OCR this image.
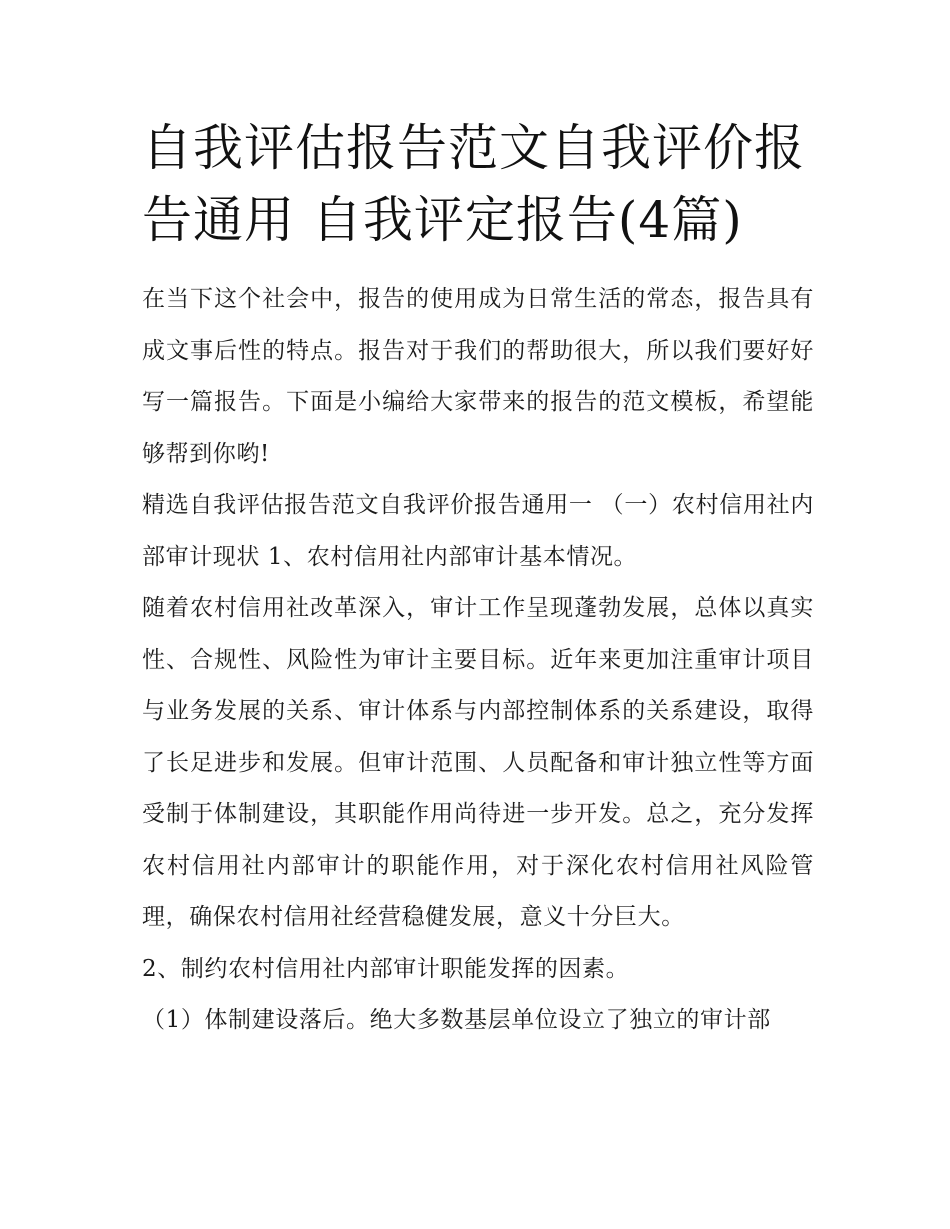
自我评估报告范文自我评价报告通用 自我评定报告(4篇)

在当下这个社会中，报告的使用成为日常生活的常态，报告具有成文事后性的特点。报告对于我们的帮助很大，所以我们要好好写一篇报告。下面是小编给大家带来的报告的范文模板，希望能够帮到你哟!

精选自我评估报告范文自我评价报告通用一 （一）农村信用社内部审计现状 1、农村信用社内部审计基本情况。

随着农村信用社改革深入，审计工作呈现蓬勃发展，总体以真实性、合规性、风险性为审计主要目标。近年来更加注重审计项目与业务发展的关系、审计体系与内部控制体系的关系建设，取得了长足进步和发展。但审计范围、人员配备和审计独立性等方面受制于体制建设，其职能作用尚待进一步开发。总之，充分发挥农村信用社内部审计的职能作用，对于深化农村信用社风险管理，确保农村信用社经营稳健发展，意义十分巨大。

2、制约农村信用社内部审计职能发挥的因素。

（1）体制建设落后。绝大多数基层单位设立了独立的审计部
